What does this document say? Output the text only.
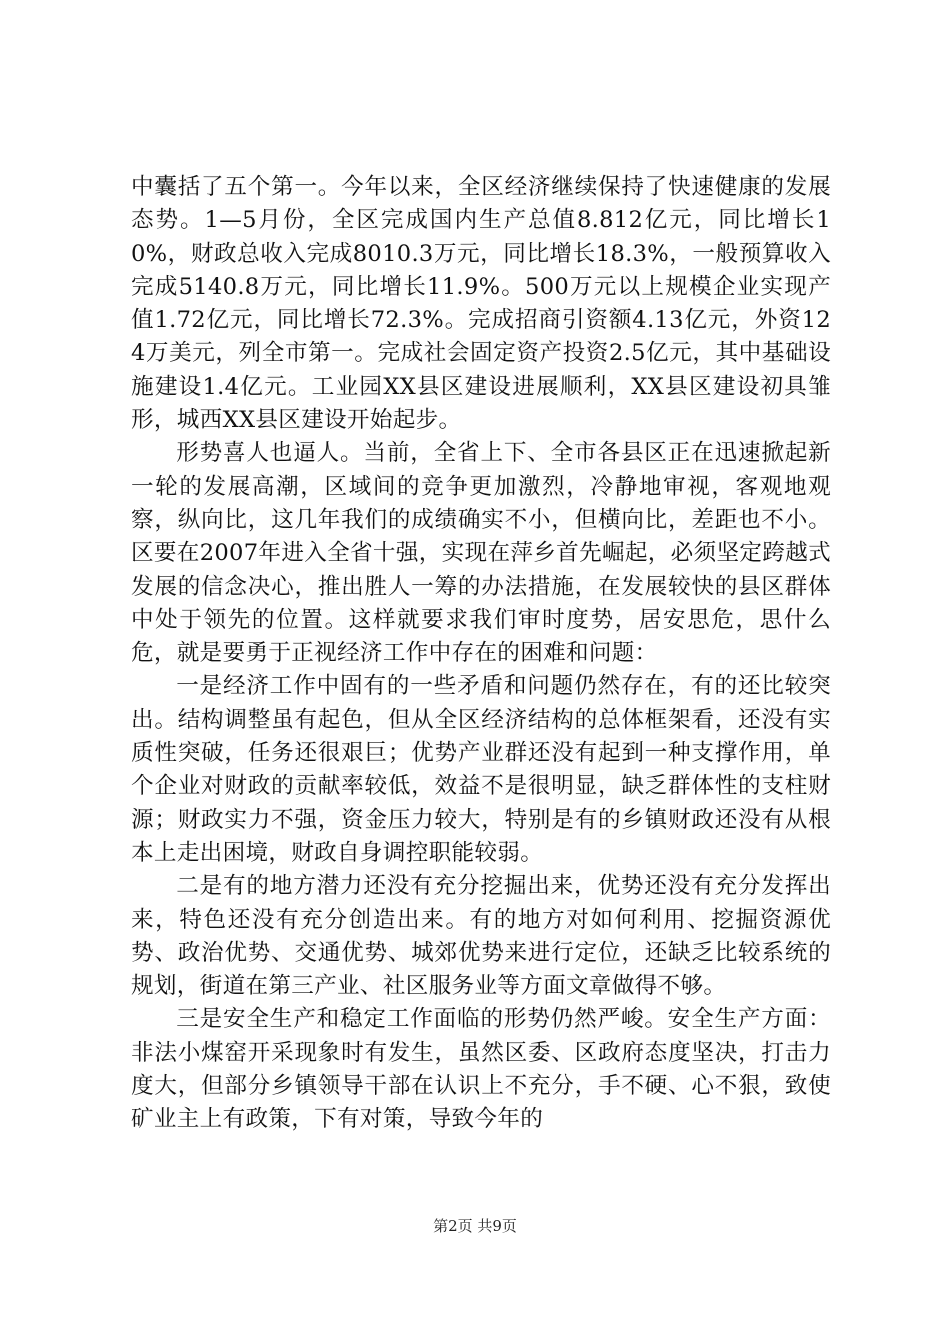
中囊括了五个第一。今年以来，全区经济继续保持了快速健康的发展态势。1—5月份，全区完成国内生产总值8.812亿元，同比增长10%，财政总收入完成8010.3万元，同比增长18.3%，一般预算收入完成5140.8万元，同比增长11.9%。500万元以上规模企业实现产值1.72亿元，同比增长72.3%。完成招商引资额4.13亿元，外资124万美元，列全市第一。完成社会固定资产投资2.5亿元，其中基础设施建设1.4亿元。工业园XX县区建设进展顺利，XX县区建设初具雏形，城西XX县区建设开始起步。

形势喜人也逼人。当前，全省上下、全市各县区正在迅速掀起新一轮的发展高潮，区域间的竞争更加激烈，冷静地审视，客观地观察，纵向比，这几年我们的成绩确实不小，但横向比，差距也不小。区要在2007年进入全省十强，实现在萍乡首先崛起，必须坚定跨越式发展的信念决心，推出胜人一筹的办法措施，在发展较快的县区群体中处于领先的位置。这样就要求我们审时度势，居安思危，思什么危，就是要勇于正视经济工作中存在的困难和问题：

一是经济工作中固有的一些矛盾和问题仍然存在，有的还比较突出。结构调整虽有起色，但从全区经济结构的总体框架看，还没有实质性突破，任务还很艰巨；优势产业群还没有起到一种支撑作用，单个企业对财政的贡献率较低，效益不是很明显，缺乏群体性的支柱财源；财政实力不强，资金压力较大，特别是有的乡镇财政还没有从根本上走出困境，财政自身调控职能较弱。

二是有的地方潜力还没有充分挖掘出来，优势还没有充分发挥出来，特色还没有充分创造出来。有的地方对如何利用、挖掘资源优势、政治优势、交通优势、城郊优势来进行定位，还缺乏比较系统的规划，街道在第三产业、社区服务业等方面文章做得不够。

三是安全生产和稳定工作面临的形势仍然严峻。安全生产方面：非法小煤窑开采现象时有发生，虽然区委、区政府态度坚决，打击力度大，但部分乡镇领导干部在认识上不充分，手不硬、心不狠，致使矿业主上有政策，下有对策，导致今年的

第2页 共9页
